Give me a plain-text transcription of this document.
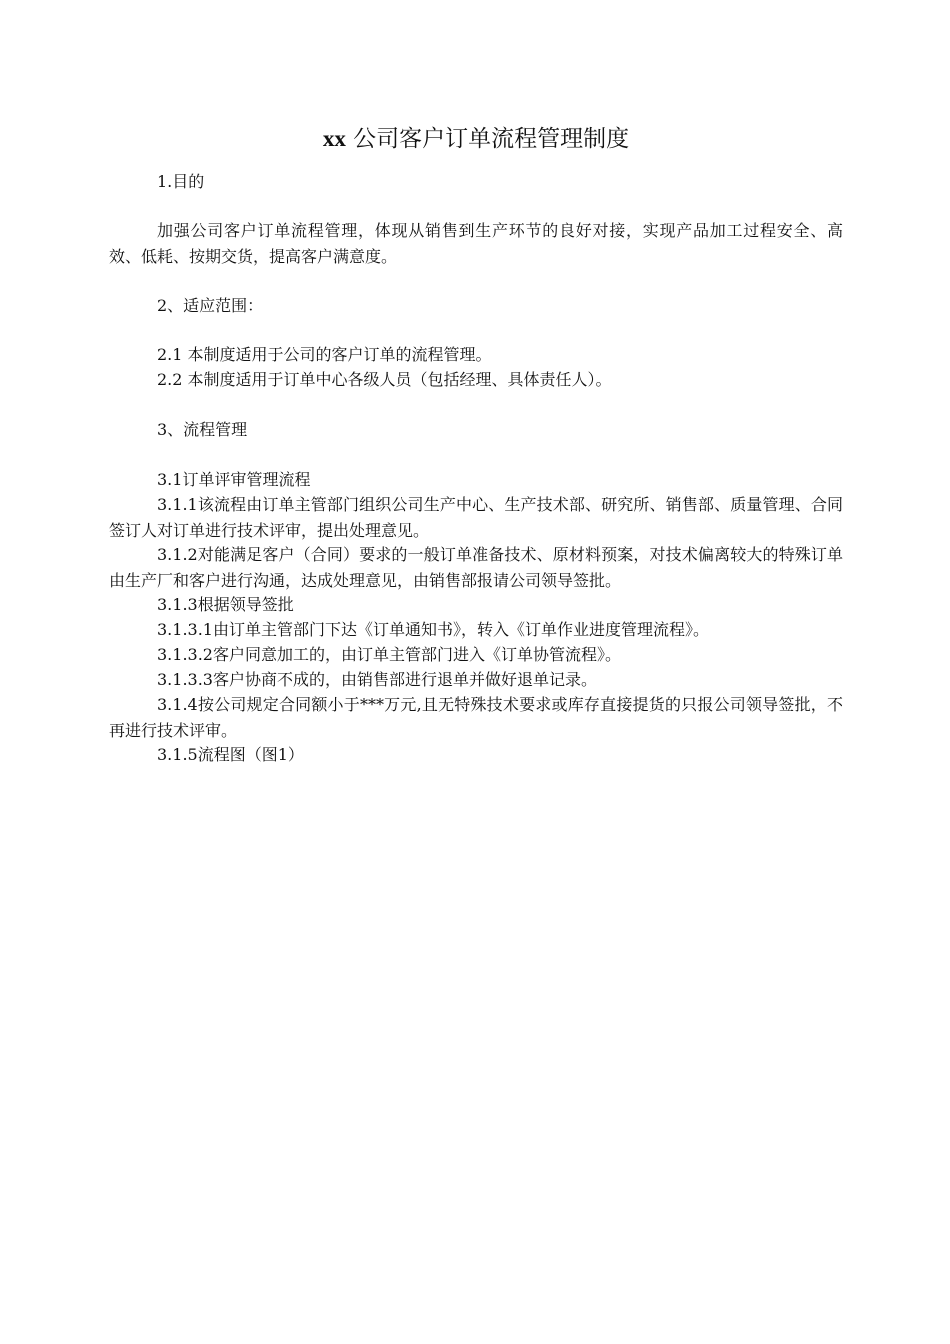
xx 公司客户订单流程管理制度
1.目的
加强公司客户订单流程管理，体现从销售到生产环节的良好对接，实现产品加工过程安全、高效、低耗、按期交货，提高客户满意度。
2、适应范围：
2.1 本制度适用于公司的客户订单的流程管理。
2.2 本制度适用于订单中心各级人员（包括经理、具体责任人）。
3、流程管理
3.1订单评审管理流程
3.1.1该流程由订单主管部门组织公司生产中心、生产技术部、研究所、销售部、质量管理、合同签订人对订单进行技术评审，提出处理意见。
3.1.2对能满足客户（合同）要求的一般订单准备技术、原材料预案，对技术偏离较大的特殊订单由生产厂和客户进行沟通，达成处理意见，由销售部报请公司领导签批。
3.1.3根据领导签批
3.1.3.1由订单主管部门下达《订单通知书》，转入《订单作业进度管理流程》。
3.1.3.2客户同意加工的，由订单主管部门进入《订单协管流程》。
3.1.3.3客户协商不成的，由销售部进行退单并做好退单记录。
3.1.4按公司规定合同额小于***万元,且无特殊技术要求或库存直接提货的只报公司领导签批，不再进行技术评审。
3.1.5流程图（图1）
